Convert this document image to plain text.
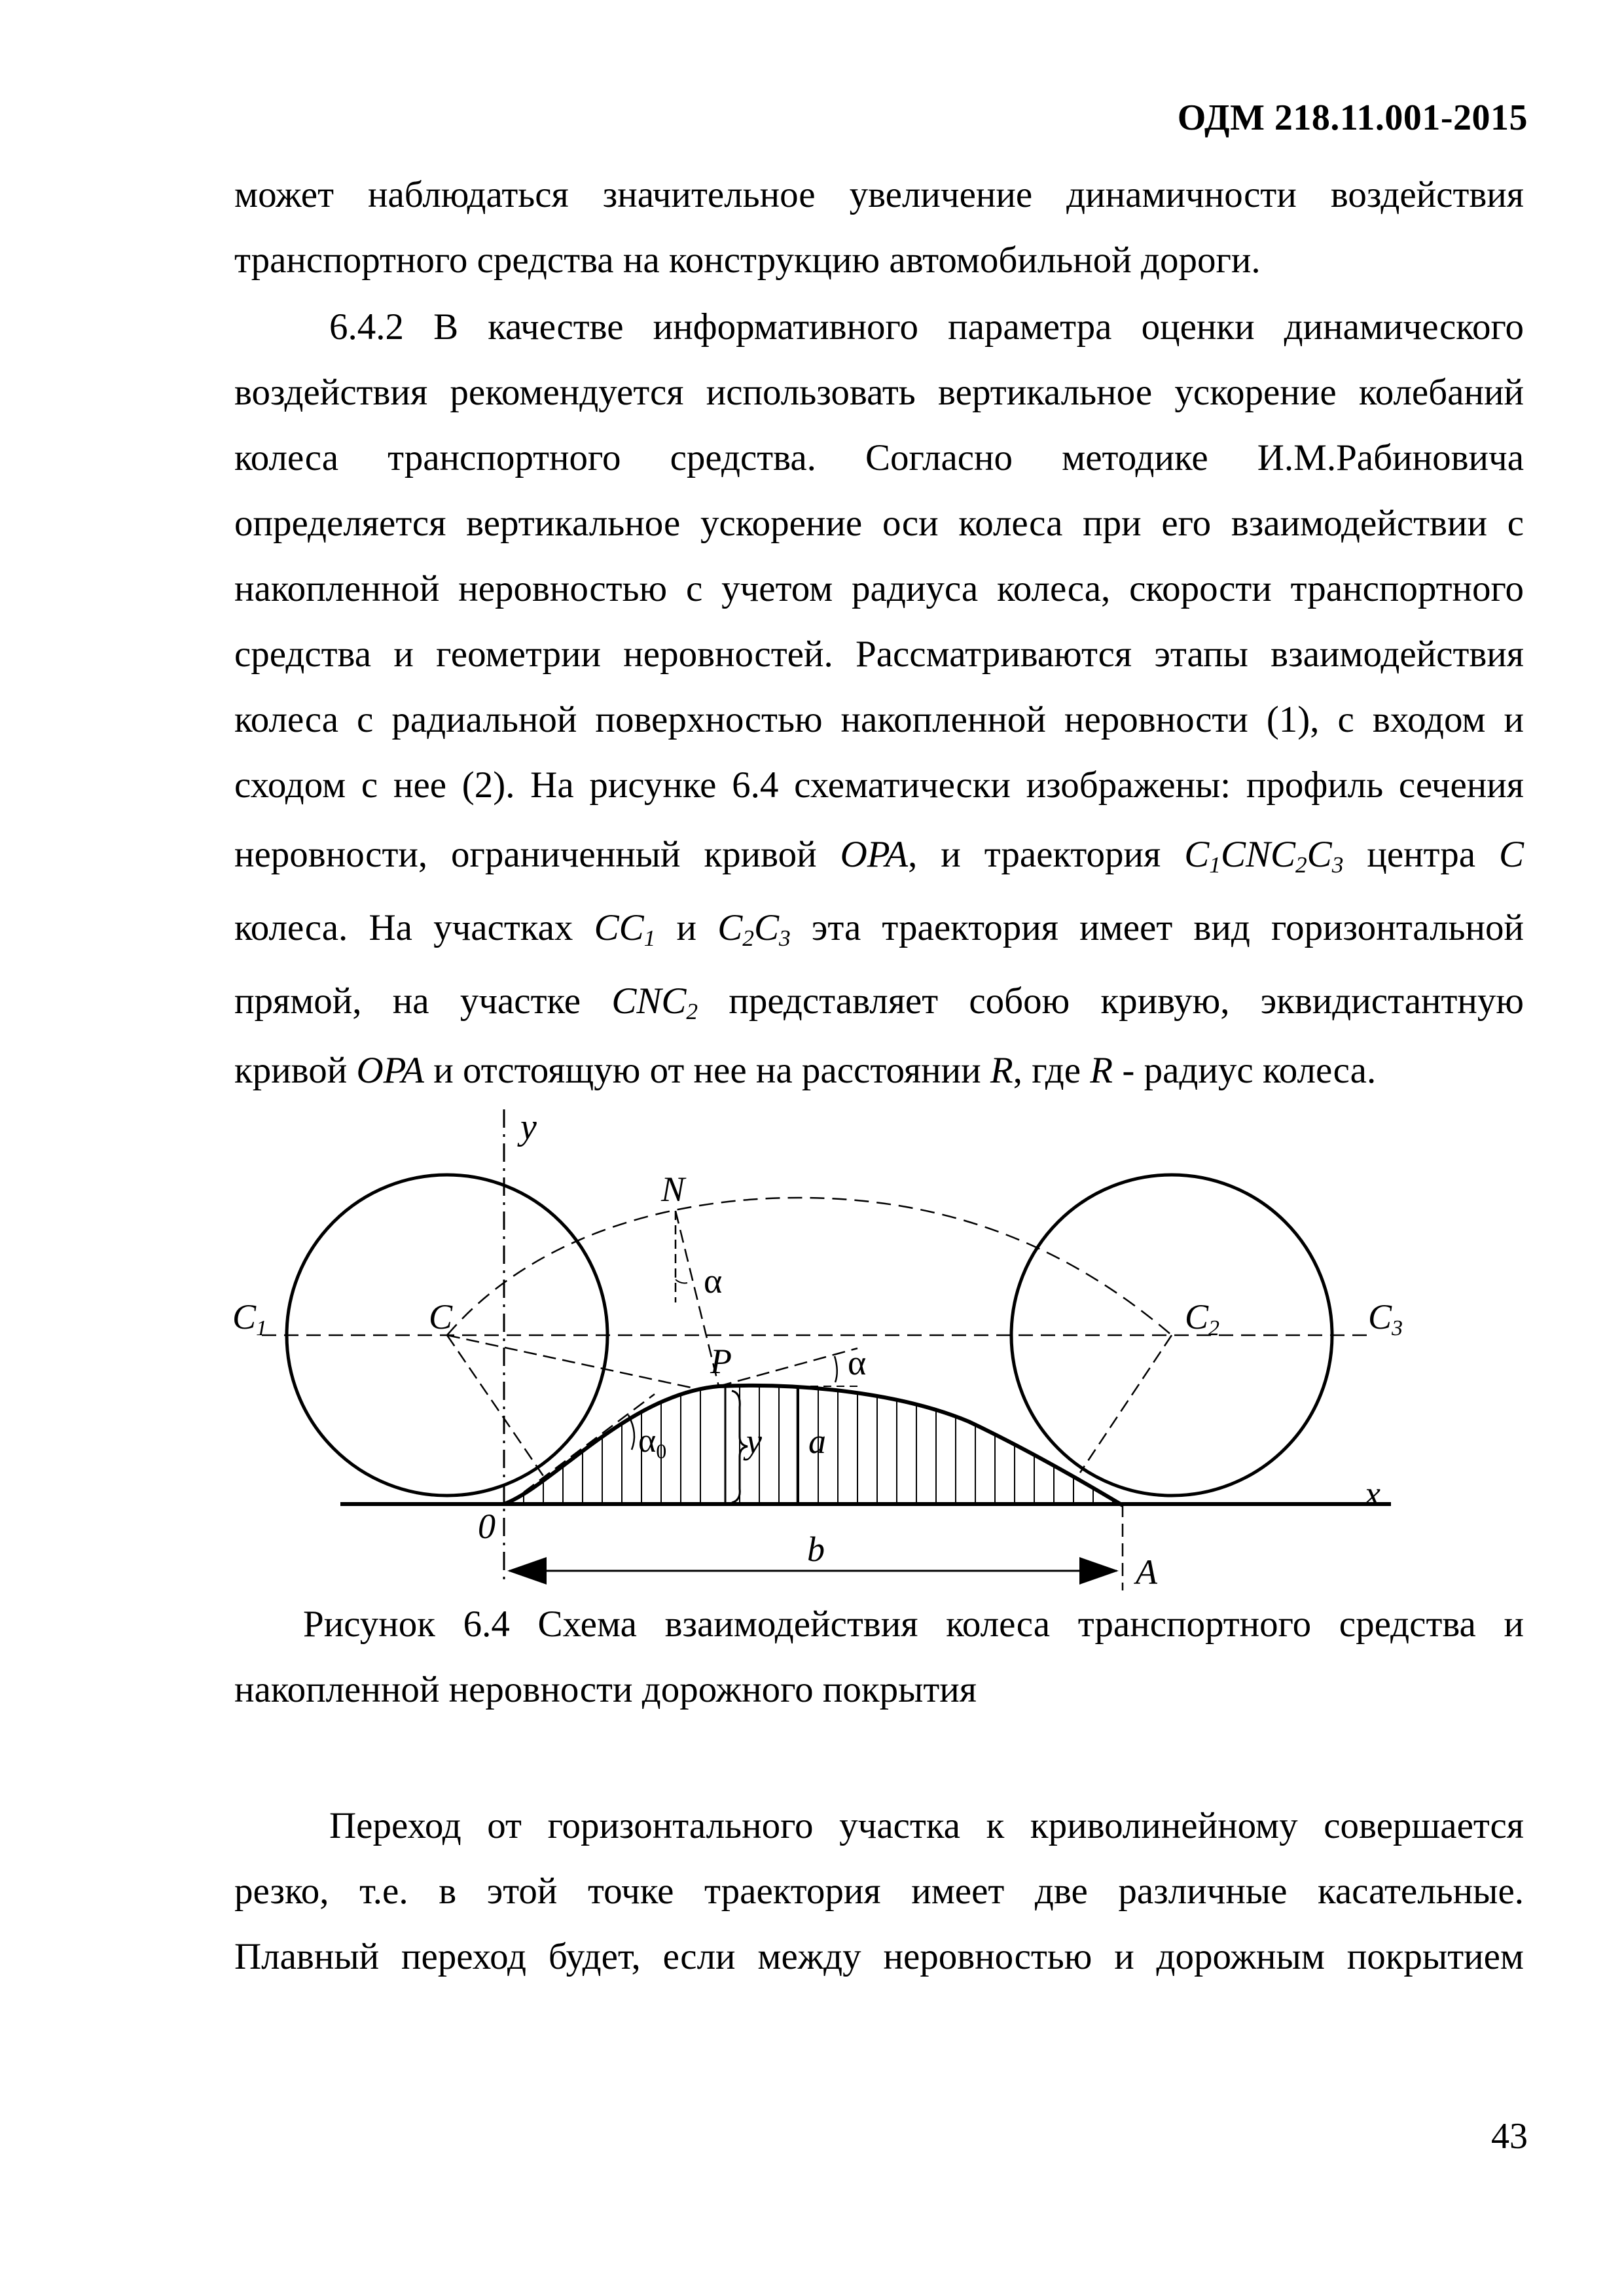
ОДМ 218.11.001-2015

может наблюдаться значительное увеличение динамичности воздействия

транспортного средства на конструкцию автомобильной дороги.

6.4.2 В качестве информативного параметра оценки динамического

воздействия рекомендуется использовать вертикальное ускорение колебаний

колеса транспортного средства. Согласно методике И.М.Рабиновича

определяется вертикальное ускорение оси колеса при его взаимодействии с

накопленной неровностью с учетом радиуса колеса, скорости транспортного

средства и геометрии неровностей. Рассматриваются этапы взаимодействия

колеса с радиальной поверхностью накопленной неровности (1), с входом и

сходом с нее (2). На рисунке 6.4 схематически изображены: профиль сечения

неровности, ограниченный кривой OPA, и траектория $C_1CNC_2C_3$ центра C

колеса. На участках $CC_1$ и $C_2C_3$ эта траектория имеет вид горизонтальной

прямой, на участке $CNC_2$ представляет собою кривую, эквидистантную

кривой OPA и отстоящую от нее на расстоянии R, где R - радиус колеса.

y
N
α
C1	C	C2	C3
P	α
α0 y a
0
x
b
A

Рисунок 6.4 Схема взаимодействия колеса транспортного средства и

накопленной неровности дорожного покрытия

Переход от горизонтального участка к криволинейному совершается

резко, т.е. в этой точке траектория имеет две различные касательные.

Плавный переход будет, если между неровностью и дорожным покрытием

43
